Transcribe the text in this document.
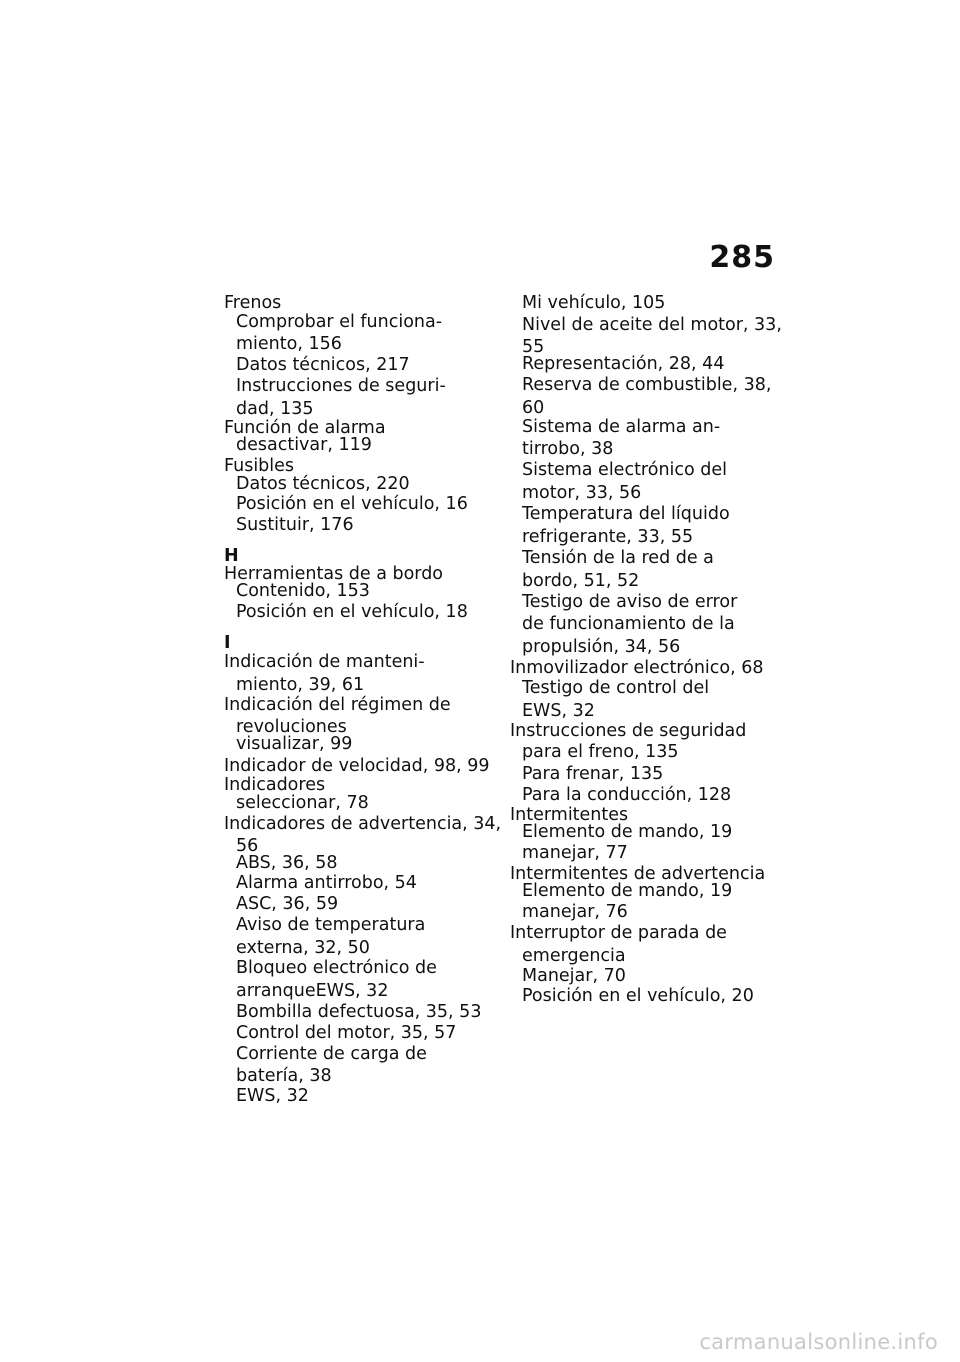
285
Frenos
Comprobar el funciona-
miento, 156
Datos técnicos, 217
Instrucciones de seguri-
dad, 135
Función de alarma
desactivar, 119
Fusibles
Datos técnicos, 220
Posición en el vehículo, 16
Sustituir, 176
H
Herramientas de a bordo
Contenido, 153
Posición en el vehículo, 18
I
Indicación de manteni-
miento, 39, 61
Indicación del régimen de
revoluciones
visualizar, 99
Indicador de velocidad, 98, 99
Indicadores
seleccionar, 78
Indicadores de advertencia, 34,
56
ABS, 36, 58
Alarma antirrobo, 54
ASC, 36, 59
Aviso de temperatura
externa, 32, 50
Bloqueo electrónico de
arranqueEWS, 32
Bombilla defectuosa, 35, 53
Control del motor, 35, 57
Corriente de carga de
batería, 38
EWS, 32
Mi vehículo, 105
Nivel de aceite del motor, 33,
55
Representación, 28, 44
Reserva de combustible, 38,
60
Sistema de alarma an-
tirrobo, 38
Sistema electrónico del
motor, 33, 56
Temperatura del líquido
refrigerante, 33, 55
Tensión de la red de a
bordo, 51, 52
Testigo de aviso de error
de funcionamiento de la
propulsión, 34, 56
Inmovilizador electrónico, 68
Testigo de control del
EWS, 32
Instrucciones de seguridad
para el freno, 135
Para frenar, 135
Para la conducción, 128
Intermitentes
Elemento de mando, 19
manejar, 77
Intermitentes de advertencia
Elemento de mando, 19
manejar, 76
Interruptor de parada de
emergencia
Manejar, 70
Posición en el vehículo, 20
carmanualsonline.info
